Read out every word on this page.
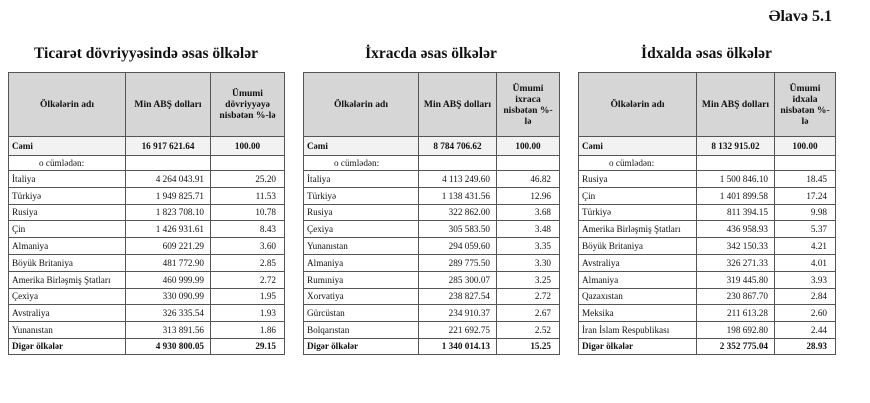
Əlavə 5.1
Ticarət dövriyyəsində əsas ölkələr
Ölkələrin adı	Min ABŞ dolları	Ümumi dövriyyəyə nisbətən %-lə
Cəmi	16 917 621.64	100.00
o cümlədən:		
İtaliya	4 264 043.91	25.20
Türkiyə	1 949 825.71	11.53
Rusiya	1 823 708.10	10.78
Çin	1 426 931.61	8.43
Almaniya	609 221.29	3.60
Böyük Britaniya	481 772.90	2.85
Amerika Birləşmiş Ştatları	460 999.99	2.72
Çexiya	330 090.99	1.95
Avstraliya	326 335.54	1.93
Yunanıstan	313 891.56	1.86
Digər ölkələr	4 930 800.05	29.15
İxracda əsas ölkələr
Ölkələrin adı	Min ABŞ dolları	Ümumi ixraca nisbətən %-lə
Cəmi	8 784 706.62	100.00
o cümlədən:		
İtaliya	4 113 249.60	46.82
Türkiyə	1 138 431.56	12.96
Rusiya	322 862.00	3.68
Çexiya	305 583.50	3.48
Yunanıstan	294 059.60	3.35
Almaniya	289 775.50	3.30
Rumıniya	285 300.07	3.25
Xorvatiya	238 827.54	2.72
Gürcüstan	234 910.37	2.67
Bolqarıstan	221 692.75	2.52
Digər ölkələr	1 340 014.13	15.25
İdxalda əsas ölkələr
Ölkələrin adı	Min ABŞ dolları	Ümumi idxala nisbətən %-lə
Cəmi	8 132 915.02	100.00
o cümlədən:		
Rusiya	1 500 846.10	18.45
Çin	1 401 899.58	17.24
Türkiyə	811 394.15	9.98
Amerika Birləşmiş Ştatları	436 958.93	5.37
Böyük Britaniya	342 150.33	4.21
Avstraliya	326 271.33	4.01
Almaniya	319 445.80	3.93
Qazaxıstan	230 867.70	2.84
Meksika	211 613.28	2.60
İran İslam Respublikası	198 692.80	2.44
Digər ölkələr	2 352 775.04	28.93
